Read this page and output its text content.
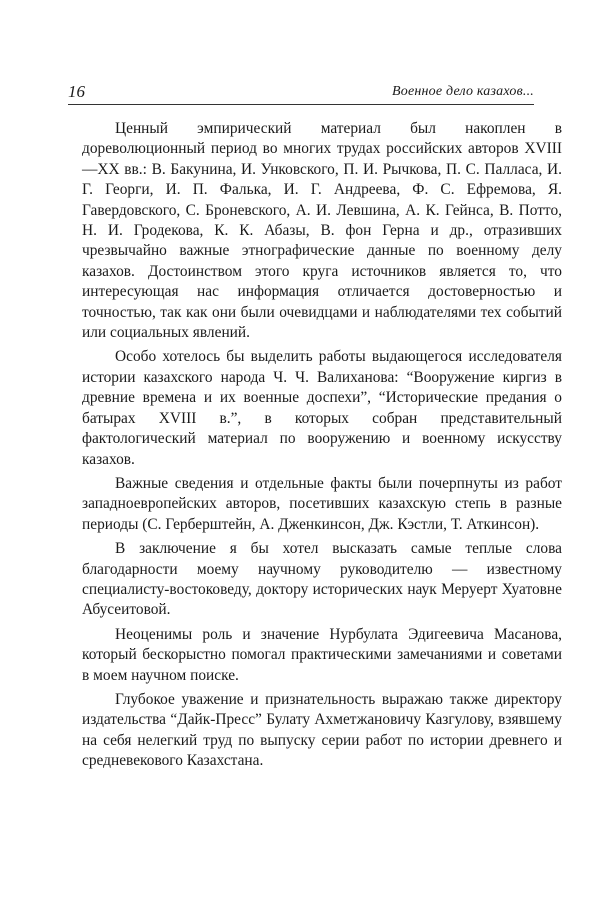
16	Военное дело казахов...

Ценный эмпирический материал был накоплен в дореволюционный период во многих трудах российских авторов XVIII—XX вв.: В. Бакунина, И. Унковского, П. И. Рычкова, П. С. Палласа, И. Г. Георги, И. П. Фалька, И. Г. Андреева, Ф. С. Ефремова, Я. Гавердовского, С. Броневского, А. И. Левшина, А. К. Гейнса, В. Потто, Н. И. Гродекова, К. К. Абазы, В. фон Герна и др., отразивших чрезвычайно важные этнографические данные по военному делу казахов. Достоинством этого круга источников является то, что интересующая нас информация отличается достоверностью и точностью, так как они были очевидцами и наблюдателями тех событий или социальных явлений.

Особо хотелось бы выделить работы выдающегося исследователя истории казахского народа Ч. Ч. Валиханова: “Вооружение киргиз в древние времена и их военные доспехи”, “Исторические предания о батырах XVIII в.”, в которых собран представительный фактологический материал по вооружению и военному искусству казахов.

Важные сведения и отдельные факты были почерпнуты из работ западноевропейских авторов, посетивших казахскую степь в разные периоды (С. Герберштейн, А. Дженкинсон, Дж. Кэстли, Т. Аткинсон).

В заключение я бы хотел высказать самые теплые слова благодарности моему научному руководителю — известному специалисту-востоковеду, доктору исторических наук Меруерт Хуатовне Абусеитовой.

Неоценимы роль и значение Нурбулата Эдигеевича Масанова, который бескорыстно помогал практическими замечаниями и советами в моем научном поиске.

Глубокое уважение и признательность выражаю также директору издательства “Дайк-Пресс” Булату Ахметжановичу Казгулову, взявшему на себя нелегкий труд по выпуску серии работ по истории древнего и средневекового Казахстана.
